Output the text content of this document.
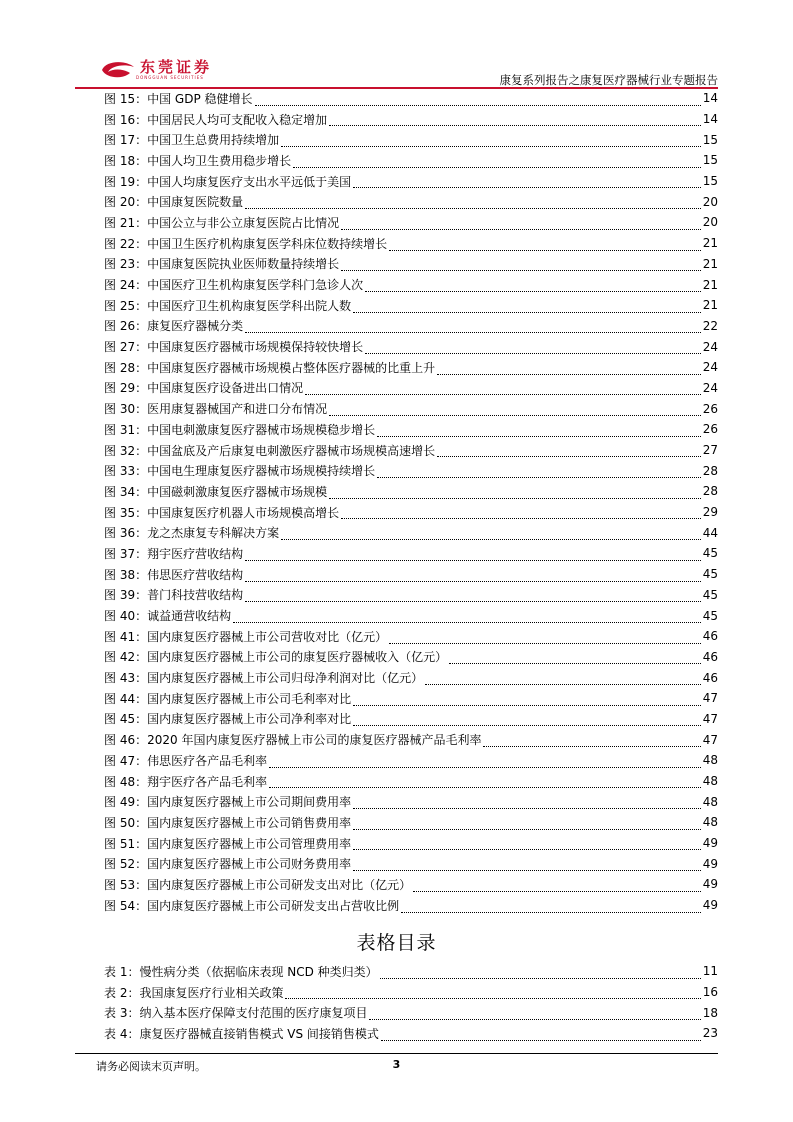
东莞证券
DONGGUAN SECURITIES	康复系列报告之康复医疗器械行业专题报告
图 15：中国 GDP 稳健增长	14
图 16：中国居民人均可支配收入稳定增加	14
图 17：中国卫生总费用持续增加	15
图 18：中国人均卫生费用稳步增长	15
图 19：中国人均康复医疗支出水平远低于美国	15
图 20：中国康复医院数量	20
图 21：中国公立与非公立康复医院占比情况	20
图 22：中国卫生医疗机构康复医学科床位数持续增长	21
图 23：中国康复医院执业医师数量持续增长	21
图 24：中国医疗卫生机构康复医学科门急诊人次	21
图 25：中国医疗卫生机构康复医学科出院人数	21
图 26：康复医疗器械分类	22
图 27：中国康复医疗器械市场规模保持较快增长	24
图 28：中国康复医疗器械市场规模占整体医疗器械的比重上升	24
图 29：中国康复医疗设备进出口情况	24
图 30：医用康复器械国产和进口分布情况	26
图 31：中国电刺激康复医疗器械市场规模稳步增长	26
图 32：中国盆底及产后康复电刺激医疗器械市场规模高速增长	27
图 33：中国电生理康复医疗器械市场规模持续增长	28
图 34：中国磁刺激康复医疗器械市场规模	28
图 35：中国康复医疗机器人市场规模高增长	29
图 36：龙之杰康复专科解决方案	44
图 37：翔宇医疗营收结构	45
图 38：伟思医疗营收结构	45
图 39：普门科技营收结构	45
图 40：诚益通营收结构	45
图 41：国内康复医疗器械上市公司营收对比（亿元）	46
图 42：国内康复医疗器械上市公司的康复医疗器械收入（亿元）	46
图 43：国内康复医疗器械上市公司归母净利润对比（亿元）	46
图 44：国内康复医疗器械上市公司毛利率对比	47
图 45：国内康复医疗器械上市公司净利率对比	47
图 46：2020 年国内康复医疗器械上市公司的康复医疗器械产品毛利率	47
图 47：伟思医疗各产品毛利率	48
图 48：翔宇医疗各产品毛利率	48
图 49：国内康复医疗器械上市公司期间费用率	48
图 50：国内康复医疗器械上市公司销售费用率	48
图 51：国内康复医疗器械上市公司管理费用率	49
图 52：国内康复医疗器械上市公司财务费用率	49
图 53：国内康复医疗器械上市公司研发支出对比（亿元）	49
图 54：国内康复医疗器械上市公司研发支出占营收比例	49
表格目录
表 1：慢性病分类（依据临床表现 NCD 种类归类）	11
表 2：我国康复医疗行业相关政策	16
表 3：纳入基本医疗保障支付范围的医疗康复项目	18
表 4：康复医疗器械直接销售模式 VS 间接销售模式	23
请务必阅读末页声明。	3
